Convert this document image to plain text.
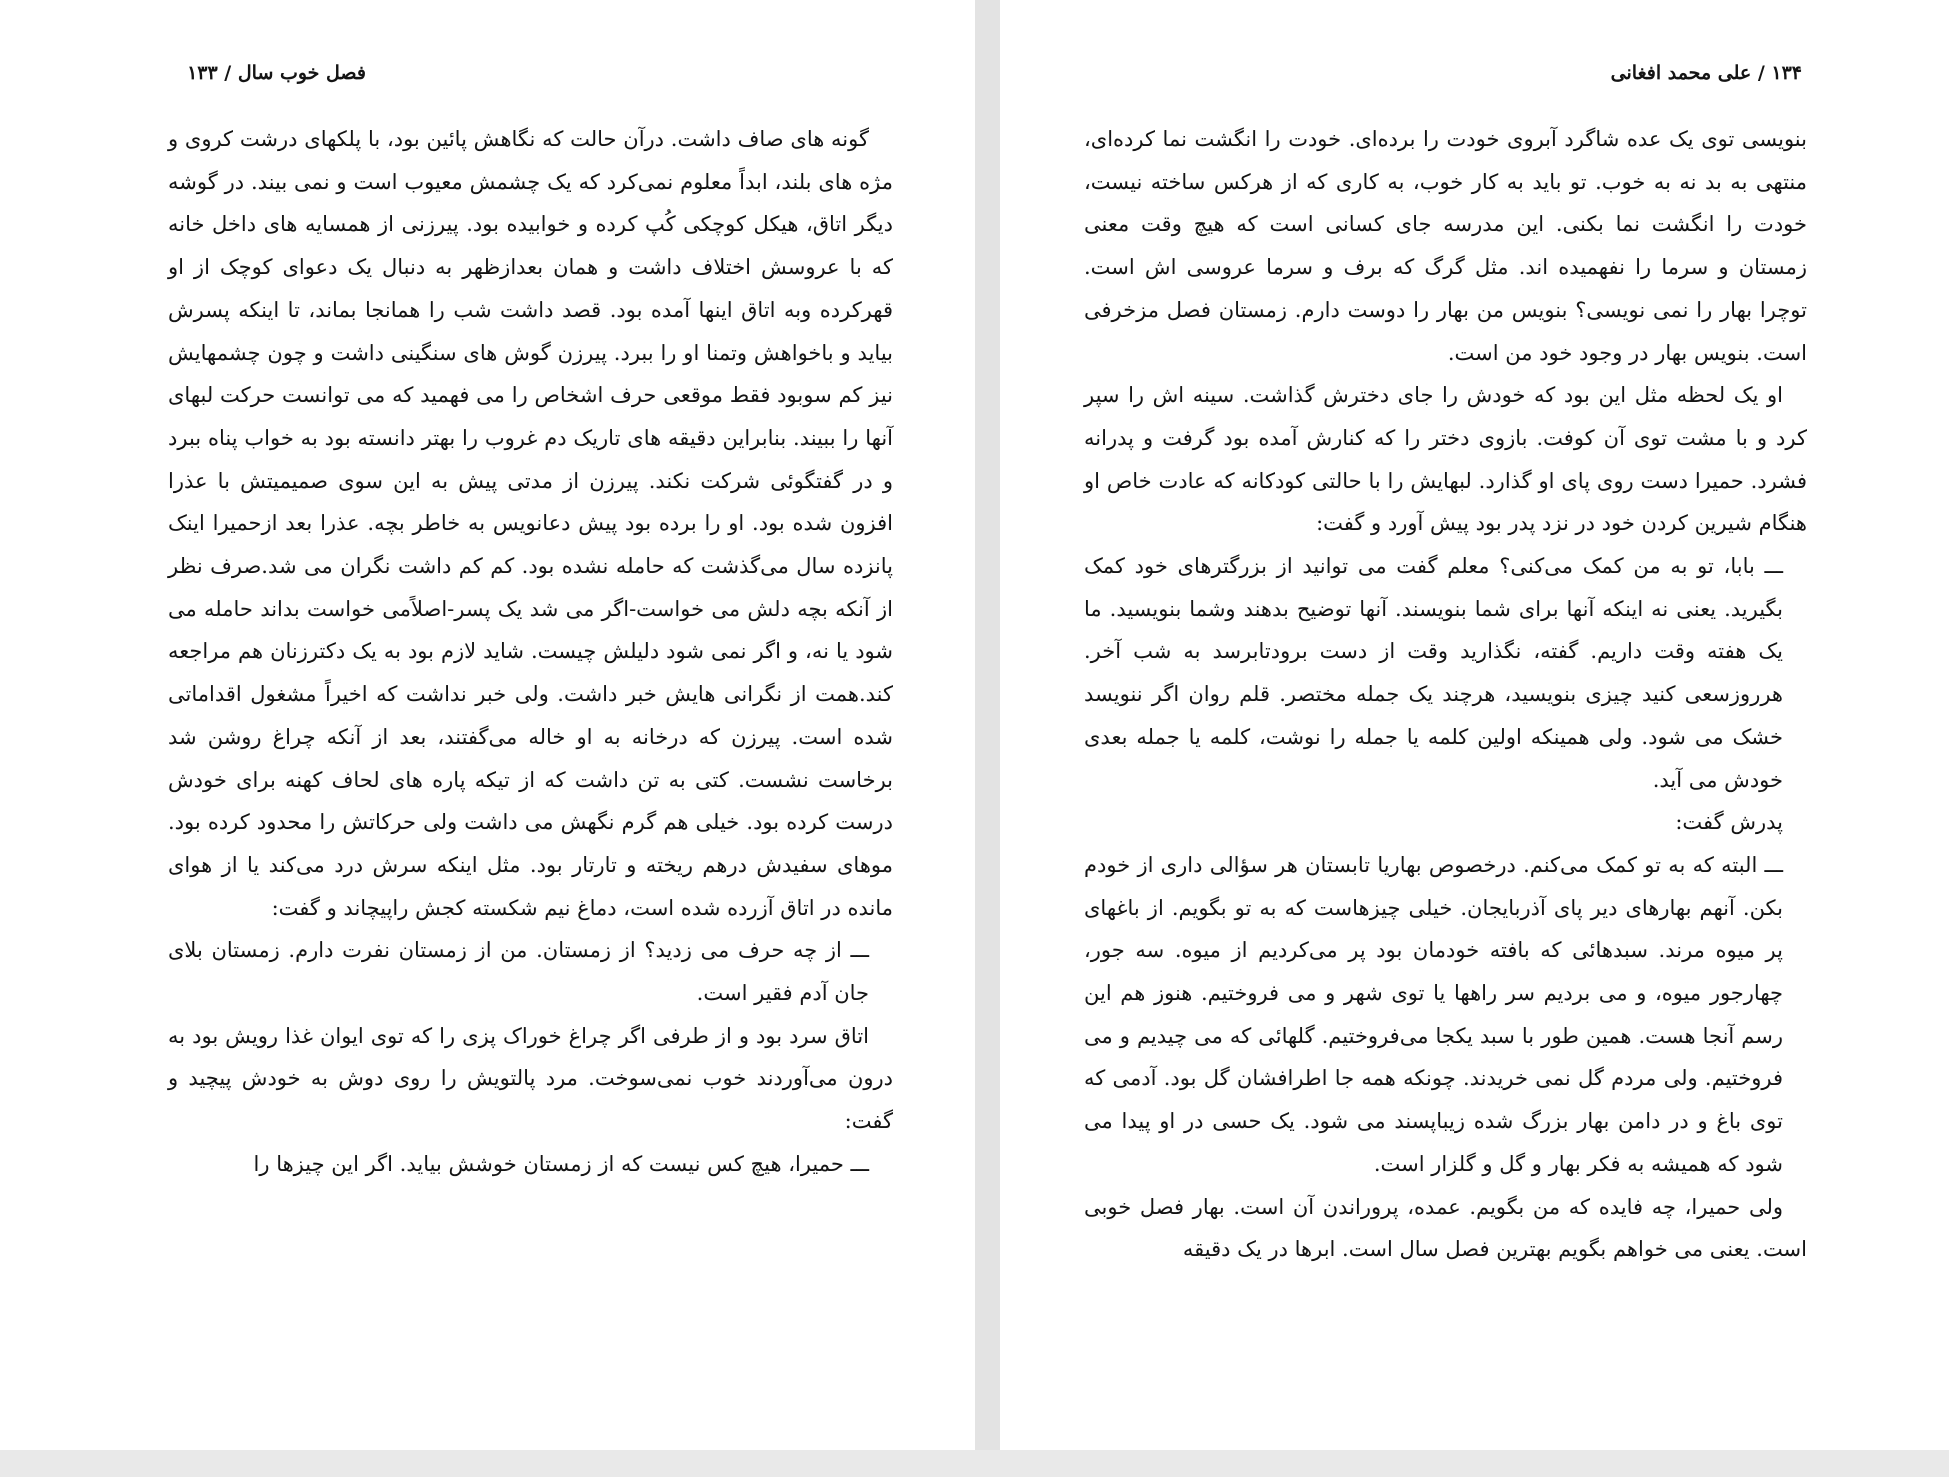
فصل خوب سال / ۱۳۳

گونه های صاف داشت. درآن حالت که نگاهش پائین بود، با پلکهای درشت کروی و مژه های بلند، ابداً معلوم نمی‌کرد که یک چشمش معیوب است و نمی بیند. در گوشه دیگر اتاق، هیکل کوچکی کُپ کرده و خوابیده بود. پیرزنی از همسایه های داخل خانه که با عروسش اختلاف داشت و همان بعدازظهر به دنبال یک دعوای کوچک از او قهرکرده وبه اتاق اینها آمده بود. قصد داشت شب را همانجا بماند، تا اینکه پسرش بیاید و باخواهش وتمنا او را ببرد. پیرزن گوش های سنگینی داشت و چون چشمهایش نیز کم سوبود فقط موقعی حرف اشخاص را می فهمید که می توانست حرکت لبهای آنها را ببیند. بنابراین دقیقه های تاریک دم غروب را بهتر دانسته بود به خواب پناه ببرد و در گفتگوئی شرکت نکند. پیرزن از مدتی پیش به این سوی صمیمیتش با عذرا افزون شده بود. او را برده بود پیش دعانویس به خاطر بچه. عذرا بعد ازحمیرا اینک پانزده سال می‌گذشت که حامله نشده بود. کم کم داشت نگران می شد.صرف نظر از آنکه بچه دلش می خواست-اگر می شد یک پسر-اصلاًمی خواست بداند حامله می شود یا نه، و اگر نمی شود دلیلش چیست. شاید لازم بود به یک دکترزنان هم مراجعه کند.همت از نگرانی هایش خبر داشت. ولی خبر نداشت که اخیراً مشغول اقداماتی شده است. پیرزن که درخانه به او خاله می‌گفتند، بعد از آنکه چراغ روشن شد برخاست نشست. کتی به تن داشت که از تیکه پاره های لحاف کهنه برای خودش درست کرده بود. خیلی هم گرم نگهش می داشت ولی حرکاتش را محدود کرده بود. موهای سفیدش درهم ریخته و تارتار بود. مثل اینکه سرش درد می‌کند یا از هوای مانده در اتاق آزرده شده است، دماغ نیم شکسته کجش راپیچاند و گفت:

ـــ از چه حرف می زدید؟ از زمستان. من از زمستان نفرت دارم. زمستان بلای جان آدم فقیر است.

اتاق سرد بود و از طرفی اگر چراغ خوراک پزی را که توی ایوان غذا رویش بود به درون می‌آوردند خوب نمی‌سوخت. مرد پالتویش را روی دوش به خودش پیچید و گفت:

ـــ حمیرا، هیچ کس نیست که از زمستان خوشش بیاید. اگر این چیزها را

۱۳۴ / علی محمد افغانی

بنویسی توی یک عده شاگرد آبروی خودت را برده‌ای. خودت را انگشت نما کرده‌ای، منتهی به بد نه به خوب. تو باید به کار خوب، به کاری که از هرکس ساخته نیست، خودت را انگشت نما بکنی. این مدرسه جای کسانی است که هیچ وقت معنی زمستان و سرما را نفهمیده اند. مثل گرگ که برف و سرما عروسی اش است. توچرا بهار را نمی نویسی؟ بنویس من بهار را دوست دارم. زمستان فصل مزخرفی است. بنویس بهار در وجود خود من است.

او یک لحظه مثل این بود که خودش را جای دخترش گذاشت. سینه اش را سپر کرد و با مشت توی آن کوفت. بازوی دختر را که کنارش آمده بود گرفت و پدرانه فشرد. حمیرا دست روی پای او گذارد. لبهایش را با حالتی کودکانه که عادت خاص او هنگام شیرین کردن خود در نزد پدر بود پیش آورد و گفت:

ـــ بابا، تو به من کمک می‌کنی؟ معلم گفت می توانید از بزرگترهای خود کمک بگیرید. یعنی نه اینکه آنها برای شما بنویسند. آنها توضیح بدهند وشما بنویسید. ما یک هفته وقت داریم. گفته، نگذارید وقت از دست برودتابرسد به شب آخر. هرروزسعی کنید چیزی بنویسید، هرچند یک جمله مختصر. قلم روان اگر ننویسد خشک می شود. ولی همینکه اولین کلمه یا جمله را نوشت، کلمه یا جمله بعدی خودش می آید.

پدرش گفت:

ـــ البته که به تو کمک می‌کنم. درخصوص بهاریا تابستان هر سؤالی داری از خودم بکن. آنهم بهارهای دیر پای آذربایجان. خیلی چیزهاست که به تو بگویم. از باغهای پر میوه مرند. سبدهائی که بافته خودمان بود پر می‌کردیم از میوه. سه جور، چهارجور میوه، و می بردیم سر راهها یا توی شهر و می فروختیم. هنوز هم این رسم آنجا هست. همین طور با سبد یکجا می‌فروختیم. گلهائی که می چیدیم و می فروختیم. ولی مردم گل نمی خریدند. چونکه همه جا اطرافشان گل بود. آدمی که توی باغ و در دامن بهار بزرگ شده زیباپسند می شود. یک حسی در او پیدا می شود که همیشه به فکر بهار و گل و گلزار است.

ولی حمیرا، چه فایده که من بگویم. عمده، پروراندن آن است. بهار فصل خوبی است. یعنی می خواهم بگویم بهترین فصل سال است. ابرها در یک دقیقه
